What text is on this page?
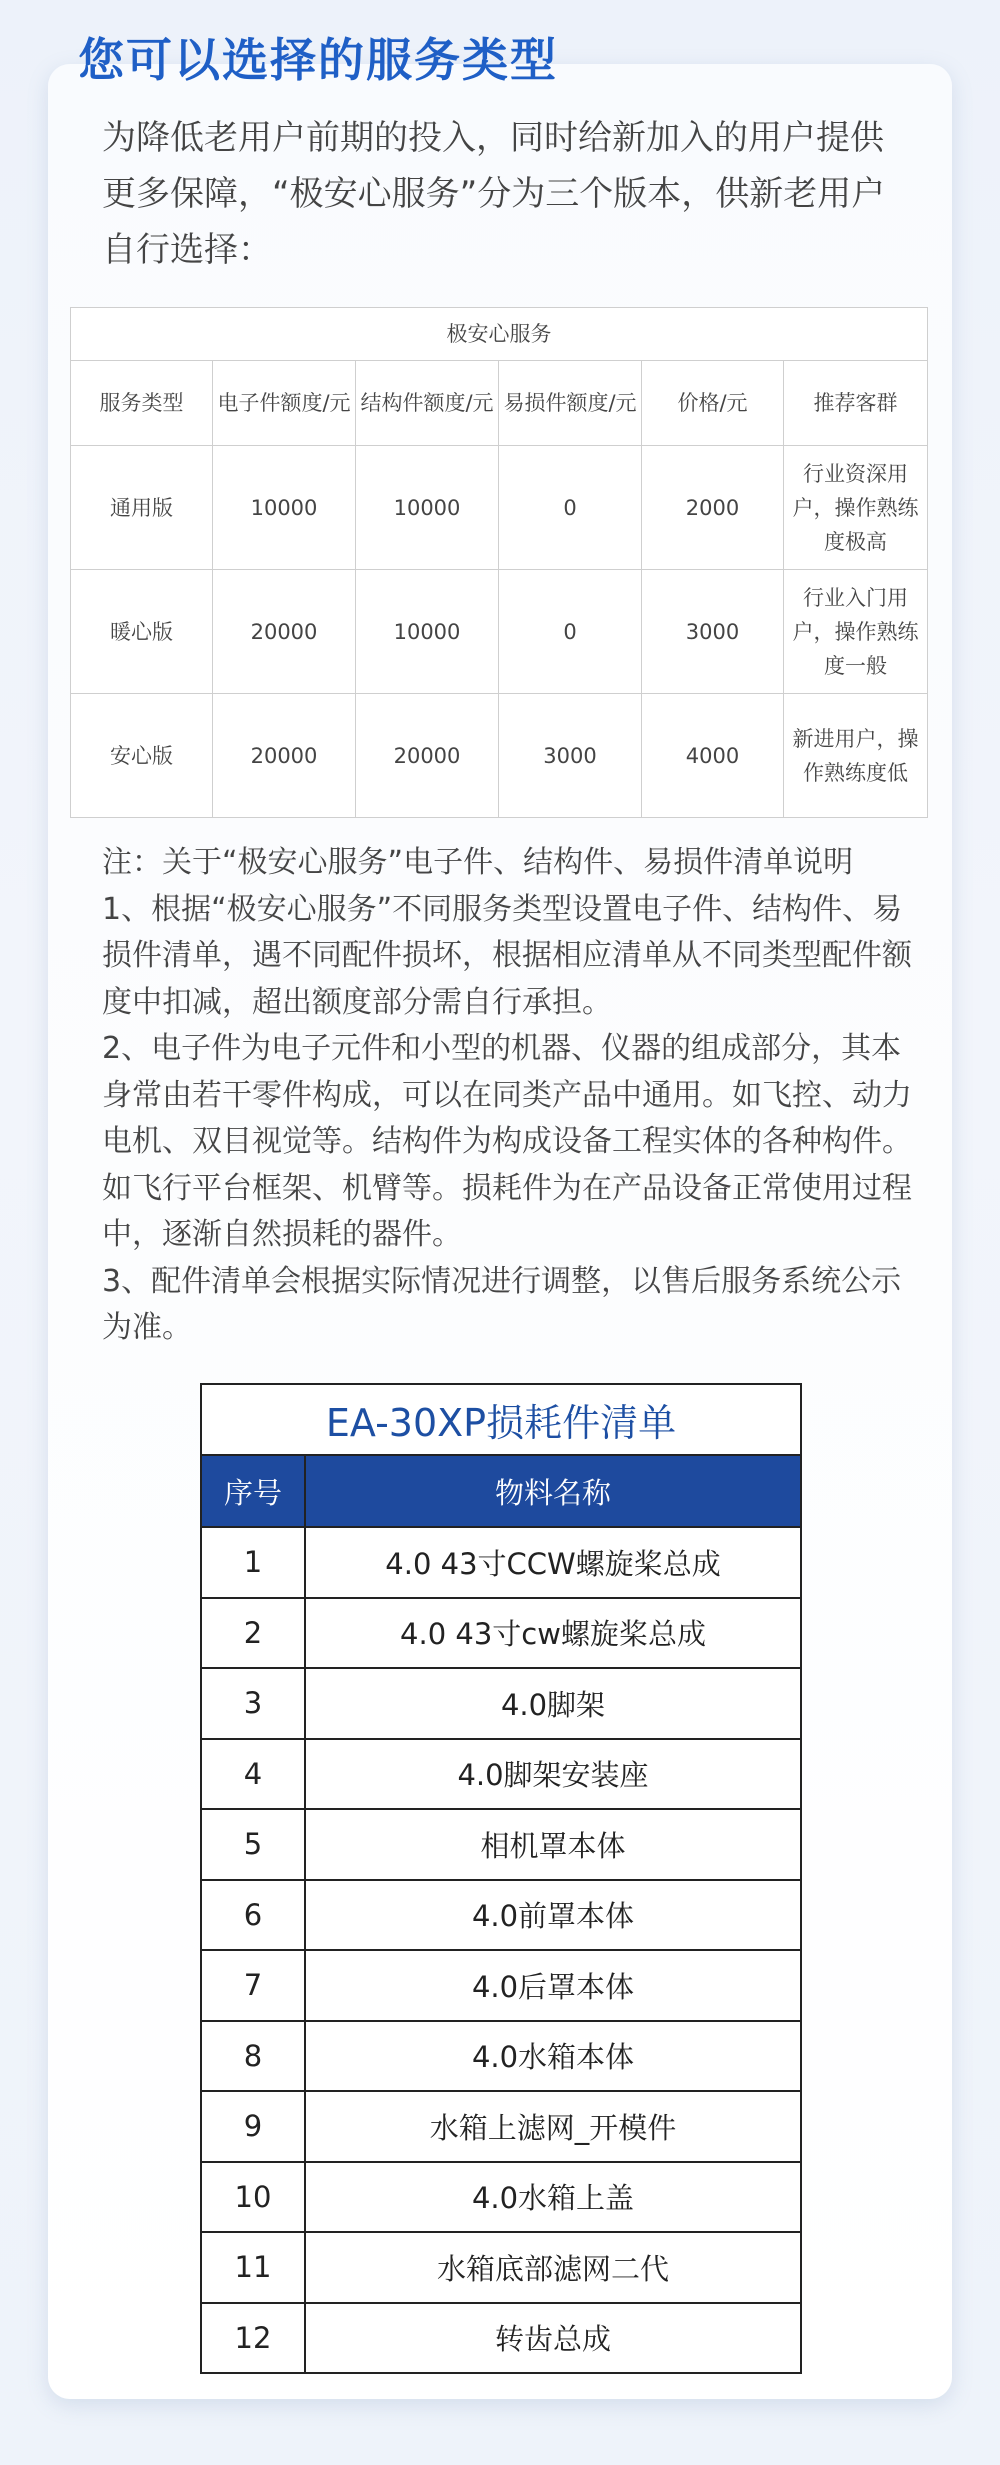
您可以选择的服务类型

为降低老用户前期的投入，同时给新加入的用户提供更多保障，“极安心服务”分为三个版本，供新老用户自行选择：

极安心服务					
服务类型	电子件额度/元	结构件额度/元	易损件额度/元	价格/元	推荐客群
通用版	10000	10000	0	2000	行业资深用户，操作熟练度极高
暖心版	20000	10000	0	3000	行业入门用户，操作熟练度一般
安心版	20000	20000	3000	4000	新进用户，操作熟练度低

注：关于“极安心服务”电子件、结构件、易损件清单说明

1、根据“极安心服务”不同服务类型设置电子件、结构件、易损件清单，遇不同配件损坏，根据相应清单从不同类型配件额度中扣减，超出额度部分需自行承担。

2、电子件为电子元件和小型的机器、仪器的组成部分，其本身常由若干零件构成，可以在同类产品中通用。如飞控、动力电机、双目视觉等。结构件为构成设备工程实体的各种构件。如飞行平台框架、机臂等。损耗件为在产品设备正常使用过程中，逐渐自然损耗的器件。

3、配件清单会根据实际情况进行调整，以售后服务系统公示为准。

EA-30XP损耗件清单	
序号	物料名称
1	4.0 43寸CCW螺旋桨总成
2	4.0 43寸cw螺旋桨总成
3	4.0脚架
4	4.0脚架安装座
5	相机罩本体
6	4.0前罩本体
7	4.0后罩本体
8	4.0水箱本体
9	水箱上滤网_开模件
10	4.0水箱上盖
11	水箱底部滤网二代
12	转齿总成
